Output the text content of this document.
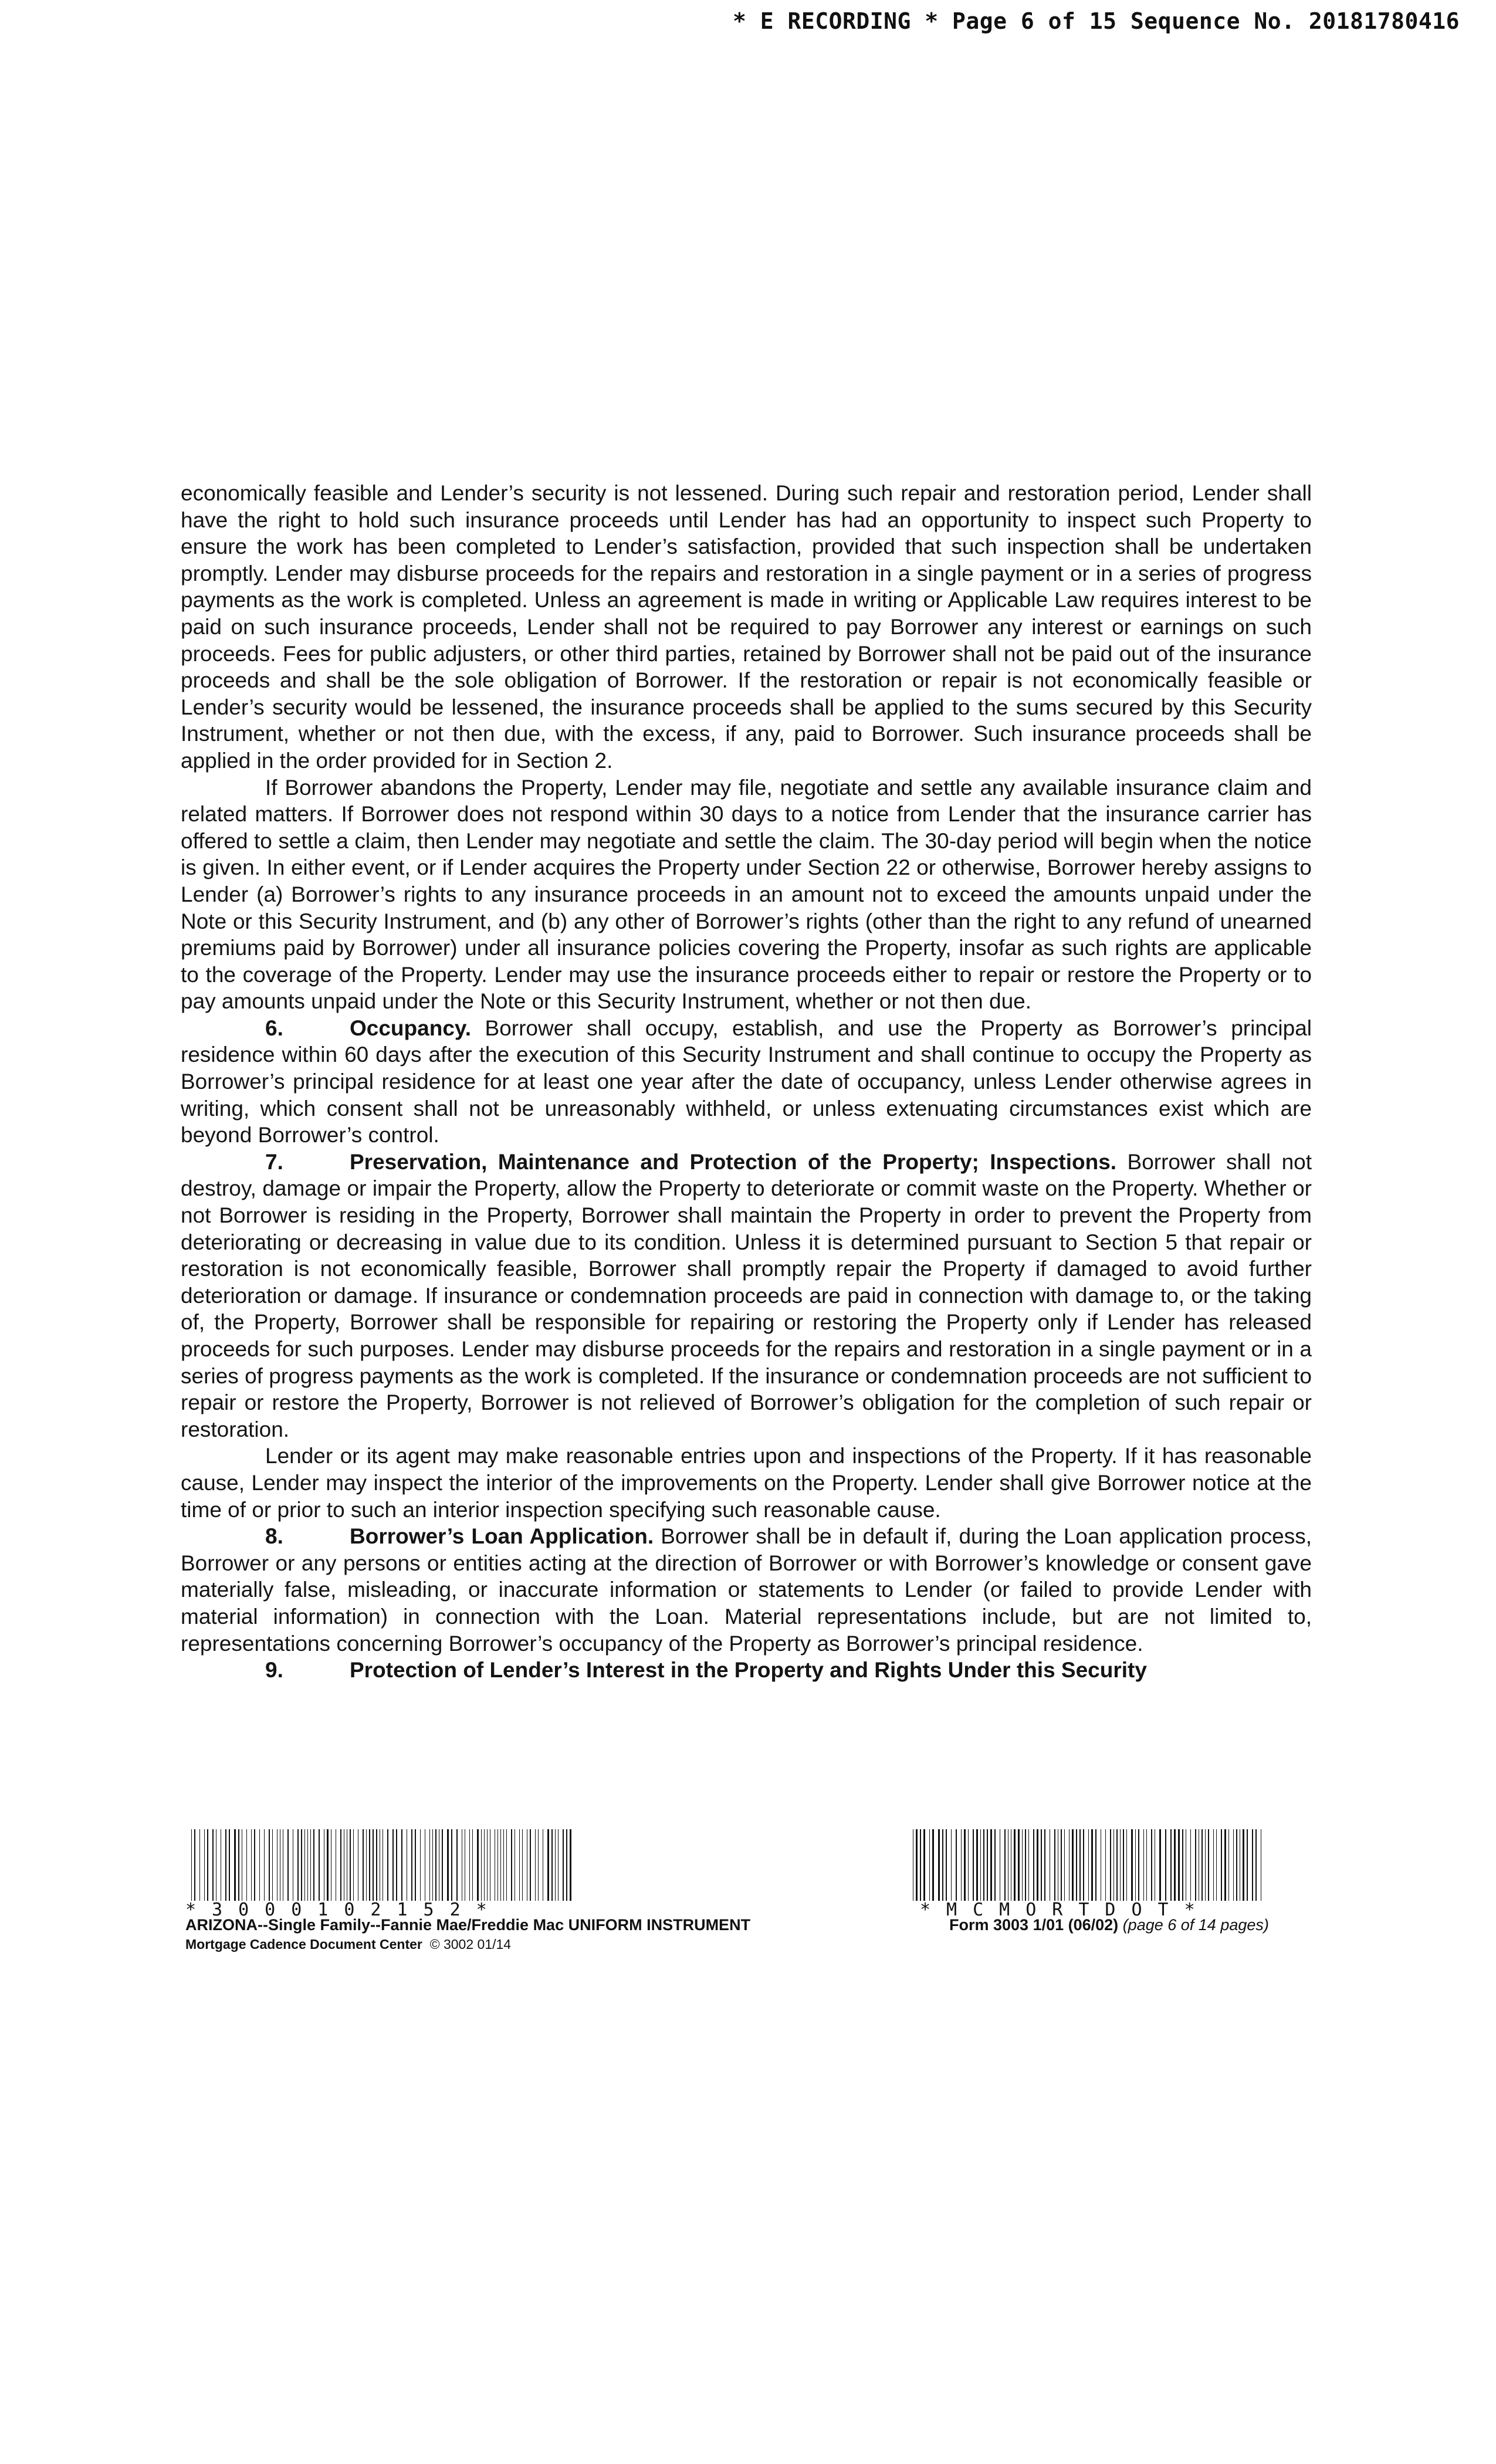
* E RECORDING * Page 6 of 15 Sequence No. 20181780416

economically feasible and Lender’s security is not lessened. During such repair and restoration period, Lender shall have the right to hold such insurance proceeds until Lender has had an opportunity to inspect such Property to ensure the work has been completed to Lender’s satisfaction, provided that such inspection shall be undertaken promptly. Lender may disburse proceeds for the repairs and restoration in a single payment or in a series of progress payments as the work is completed. Unless an agreement is made in writing or Applicable Law requires interest to be paid on such insurance proceeds, Lender shall not be required to pay Borrower any interest or earnings on such proceeds. Fees for public adjusters, or other third parties, retained by Borrower shall not be paid out of the insurance proceeds and shall be the sole obligation of Borrower. If the restoration or repair is not economically feasible or Lender’s security would be lessened, the insurance proceeds shall be applied to the sums secured by this Security Instrument, whether or not then due, with the excess, if any, paid to Borrower. Such insurance proceeds shall be applied in the order provided for in Section 2.

If Borrower abandons the Property, Lender may file, negotiate and settle any available insurance claim and related matters. If Borrower does not respond within 30 days to a notice from Lender that the insurance carrier has offered to settle a claim, then Lender may negotiate and settle the claim. The 30-day period will begin when the notice is given. In either event, or if Lender acquires the Property under Section 22 or otherwise, Borrower hereby assigns to Lender (a) Borrower’s rights to any insurance proceeds in an amount not to exceed the amounts unpaid under the Note or this Security Instrument, and (b) any other of Borrower’s rights (other than the right to any refund of unearned premiums paid by Borrower) under all insurance policies covering the Property, insofar as such rights are applicable to the coverage of the Property. Lender may use the insurance proceeds either to repair or restore the Property or to pay amounts unpaid under the Note or this Security Instrument, whether or not then due.

6.	Occupancy. Borrower shall occupy, establish, and use the Property as Borrower’s principal residence within 60 days after the execution of this Security Instrument and shall continue to occupy the Property as Borrower’s principal residence for at least one year after the date of occupancy, unless Lender otherwise agrees in writing, which consent shall not be unreasonably withheld, or unless extenuating circumstances exist which are beyond Borrower’s control.

7.	Preservation, Maintenance and Protection of the Property; Inspections. Borrower shall not destroy, damage or impair the Property, allow the Property to deteriorate or commit waste on the Property. Whether or not Borrower is residing in the Property, Borrower shall maintain the Property in order to prevent the Property from deteriorating or decreasing in value due to its condition. Unless it is determined pursuant to Section 5 that repair or restoration is not economically feasible, Borrower shall promptly repair the Property if damaged to avoid further deterioration or damage. If insurance or condemnation proceeds are paid in connection with damage to, or the taking of, the Property, Borrower shall be responsible for repairing or restoring the Property only if Lender has released proceeds for such purposes. Lender may disburse proceeds for the repairs and restoration in a single payment or in a series of progress payments as the work is completed. If the insurance or condemnation proceeds are not sufficient to repair or restore the Property, Borrower is not relieved of Borrower’s obligation for the completion of such repair or restoration.

Lender or its agent may make reasonable entries upon and inspections of the Property. If it has reasonable cause, Lender may inspect the interior of the improvements on the Property. Lender shall give Borrower notice at the time of or prior to such an interior inspection specifying such reasonable cause.

8.	Borrower’s Loan Application. Borrower shall be in default if, during the Loan application process, Borrower or any persons or entities acting at the direction of Borrower or with Borrower’s knowledge or consent gave materially false, misleading, or inaccurate information or statements to Lender (or failed to provide Lender with material information) in connection with the Loan. Material representations include, but are not limited to, representations concerning Borrower’s occupancy of the Property as Borrower’s principal residence.

9.	Protection of Lender’s Interest in the Property and Rights Under this Security

*3000102152*	*MCMORTDOT*
ARIZONA--Single Family--Fannie Mae/Freddie Mac UNIFORM INSTRUMENT
Mortgage Cadence Document Center © 3002 01/14
Form 3003 1/01 (06/02) (page 6 of 14 pages)
